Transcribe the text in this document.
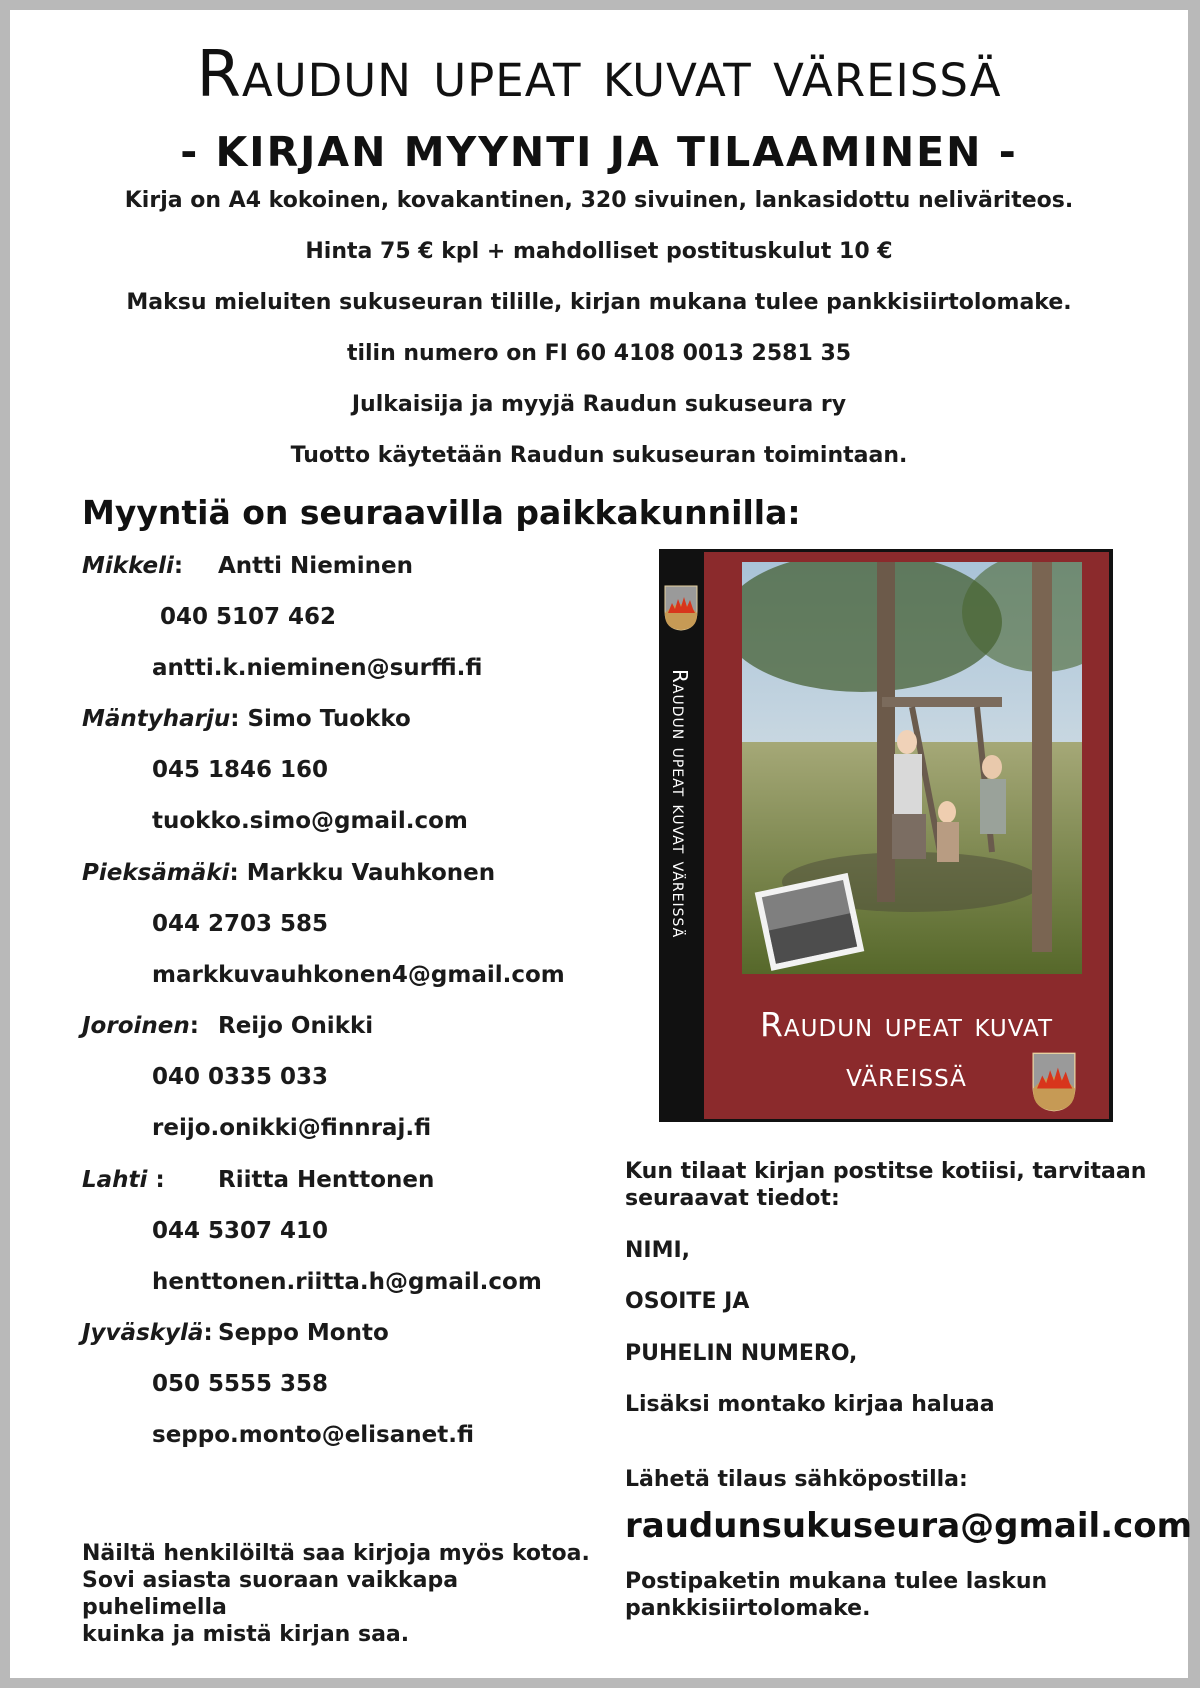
Raudun upeat kuvat väreissä
- KIRJAN MYYNTI JA TILAAMINEN -
Kirja on A4 kokoinen, kovakantinen, 320 sivuinen, lankasidottu neliväriteos.
Hinta 75 € kpl + mahdolliset postituskulut 10 €
Maksu mieluiten sukuseuran tilille, kirjan mukana tulee pankkisiirtolomake.
tilin numero on FI 60 4108 0013 2581 35
Julkaisija ja myyjä Raudun sukuseura ry
Tuotto käytetään Raudun sukuseuran toimintaan.
Myyntiä on seuraavilla paikkakunnilla:
Mikkeli: Antti Nieminen
040 5107 462
antti.k.nieminen@surffi.fi
Mäntyharju: Simo Tuokko
045 1846 160
tuokko.simo@gmail.com
Pieksämäki: Markku Vauhkonen
044 2703 585
markkuvauhkonen4@gmail.com
Joroinen: Reijo Onikki
040 0335 033
reijo.onikki@finnraj.fi
Lahti : Riitta Henttonen
044 5307 410
henttonen.riitta.h@gmail.com
Jyväskylä: Seppo Monto
050 5555 358
seppo.monto@elisanet.fi
Näiltä henkilöiltä saa kirjoja myös kotoa.
Sovi asiasta suoraan vaikkapa puhelimella
kuinka ja mistä kirjan saa.
Raudun upeat kuvat väreissä
Raudun upeat kuvat
väreissä
Kun tilaat kirjan postitse kotiisi, tarvitaan
seuraavat tiedot:
NIMI,
OSOITE JA
PUHELIN NUMERO,
Lisäksi montako kirjaa haluaa
Lähetä tilaus sähköpostilla:
raudunsukuseura@gmail.com
Postipaketin mukana tulee laskun
pankkisiirtolomake.
